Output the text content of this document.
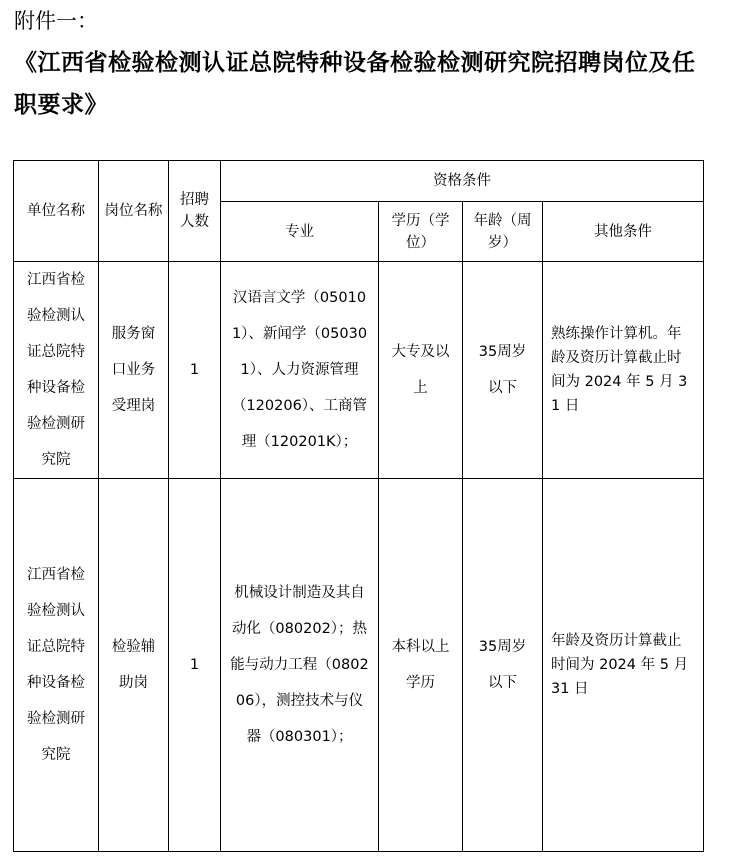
附件一：
《江西省检验检测认证总院特种设备检验检测研究院招聘岗位及任职要求》
单位名称	岗位名称	招聘人数	资格条件			
			专业	学历（学位）	年龄（周岁）	其他条件
江西省检验检测认证总院特种设备检验检测研究院	服务窗口业务受理岗	1	汉语言文学（050101）、新闻学（050301）、人力资源管理（120206）、工商管理（120201K）；	大专及以上	35周岁以下	熟练操作计算机。年龄及资历计算截止时间为 2024 年 5 月 31 日
江西省检验检测认证总院特种设备检验检测研究院	检验辅助岗	1	机械设计制造及其自动化（080202）；热能与动力工程（080206），测控技术与仪器（080301）；	本科以上学历	35周岁以下	年龄及资历计算截止时间为 2024 年 5 月 31 日
